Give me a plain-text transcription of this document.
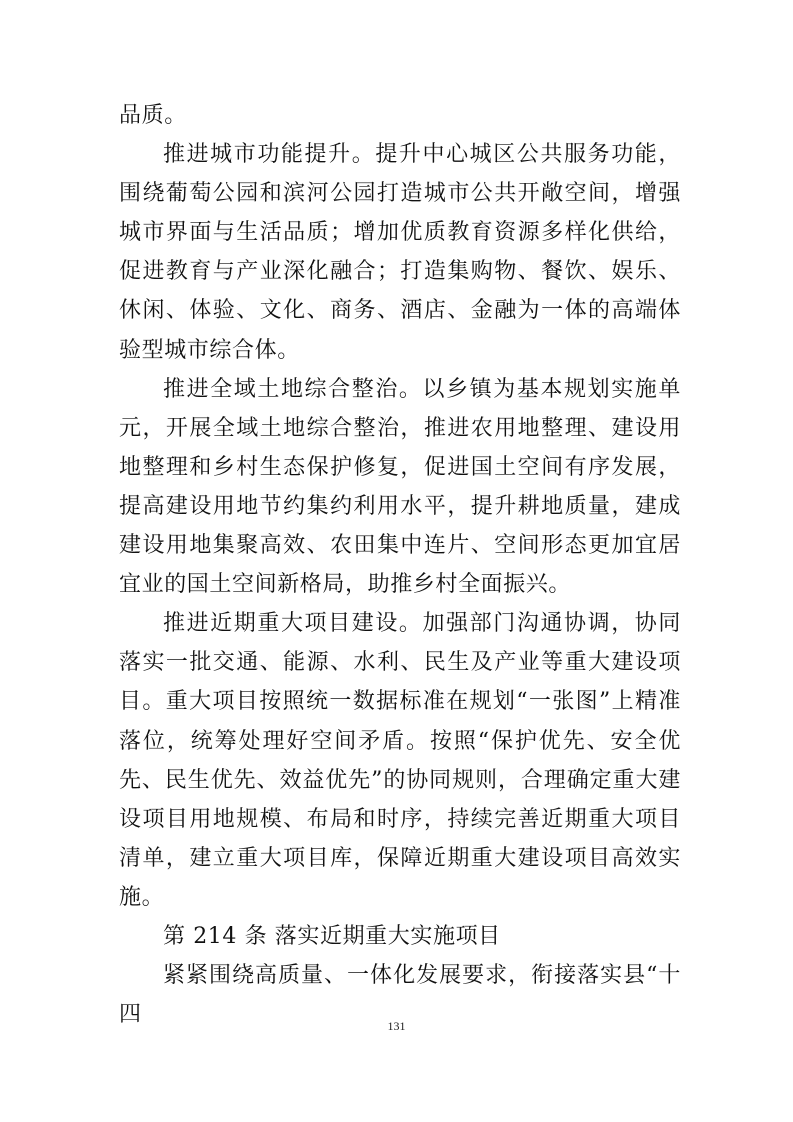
品质。

推进城市功能提升。提升中心城区公共服务功能，围绕葡萄公园和滨河公园打造城市公共开敞空间，增强城市界面与生活品质；增加优质教育资源多样化供给，促进教育与产业深化融合；打造集购物、餐饮、娱乐、休闲、体验、文化、商务、酒店、金融为一体的高端体验型城市综合体。

推进全域土地综合整治。以乡镇为基本规划实施单元，开展全域土地综合整治，推进农用地整理、建设用地整理和乡村生态保护修复，促进国土空间有序发展，提高建设用地节约集约利用水平，提升耕地质量，建成建设用地集聚高效、农田集中连片、空间形态更加宜居宜业的国土空间新格局，助推乡村全面振兴。

推进近期重大项目建设。加强部门沟通协调，协同落实一批交通、能源、水利、民生及产业等重大建设项目。重大项目按照统一数据标准在规划“一张图”上精准落位，统筹处理好空间矛盾。按照“保护优先、安全优先、民生优先、效益优先”的协同规则，合理确定重大建设项目用地规模、布局和时序，持续完善近期重大项目清单，建立重大项目库，保障近期重大建设项目高效实施。

第 214 条 落实近期重大实施项目

紧紧围绕高质量、一体化发展要求，衔接落实县“十四	131
